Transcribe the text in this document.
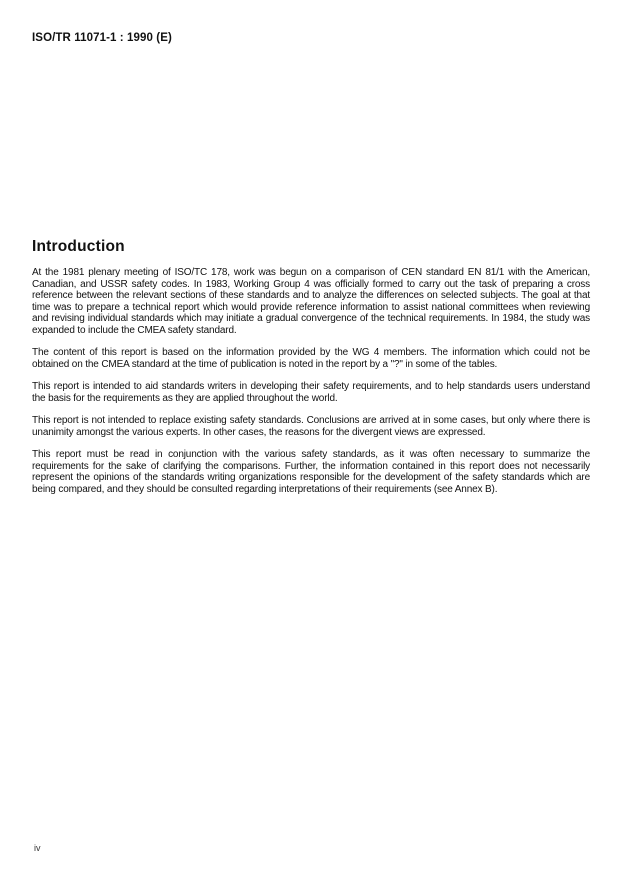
ISO/TR 11071-1 : 1990 (E)
Introduction

At the 1981 plenary meeting of ISO/TC 178, work was begun on a comparison of CEN standard EN 81/1 with the American, Canadian, and USSR safety codes. In 1983, Working Group 4 was officially formed to carry out the task of preparing a cross reference between the relevant sections of these standards and to analyze the differences on selected subjects. The goal at that time was to prepare a technical report which would provide reference information to assist national committees when reviewing and revising individual standards which may initiate a gradual convergence of the technical requirements. In 1984, the study was expanded to include the CMEA safety standard.

The content of this report is based on the information provided by the WG 4 members. The information which could not be obtained on the CMEA standard at the time of publication is noted in the report by a "?" in some of the tables.

This report is intended to aid standards writers in developing their safety requirements, and to help standards users understand the basis for the requirements as they are applied throughout the world.

This report is not intended to replace existing safety standards. Conclusions are arrived at in some cases, but only where there is unanimity amongst the various experts. In other cases, the reasons for the divergent views are expressed.

This report must be read in conjunction with the various safety standards, as it was often necessary to summarize the requirements for the sake of clarifying the comparisons. Further, the information contained in this report does not necessarily represent the opinions of the standards writing organizations responsible for the development of the safety standards which are being compared, and they should be consulted regarding interpretations of their requirements (see Annex B).

iv
